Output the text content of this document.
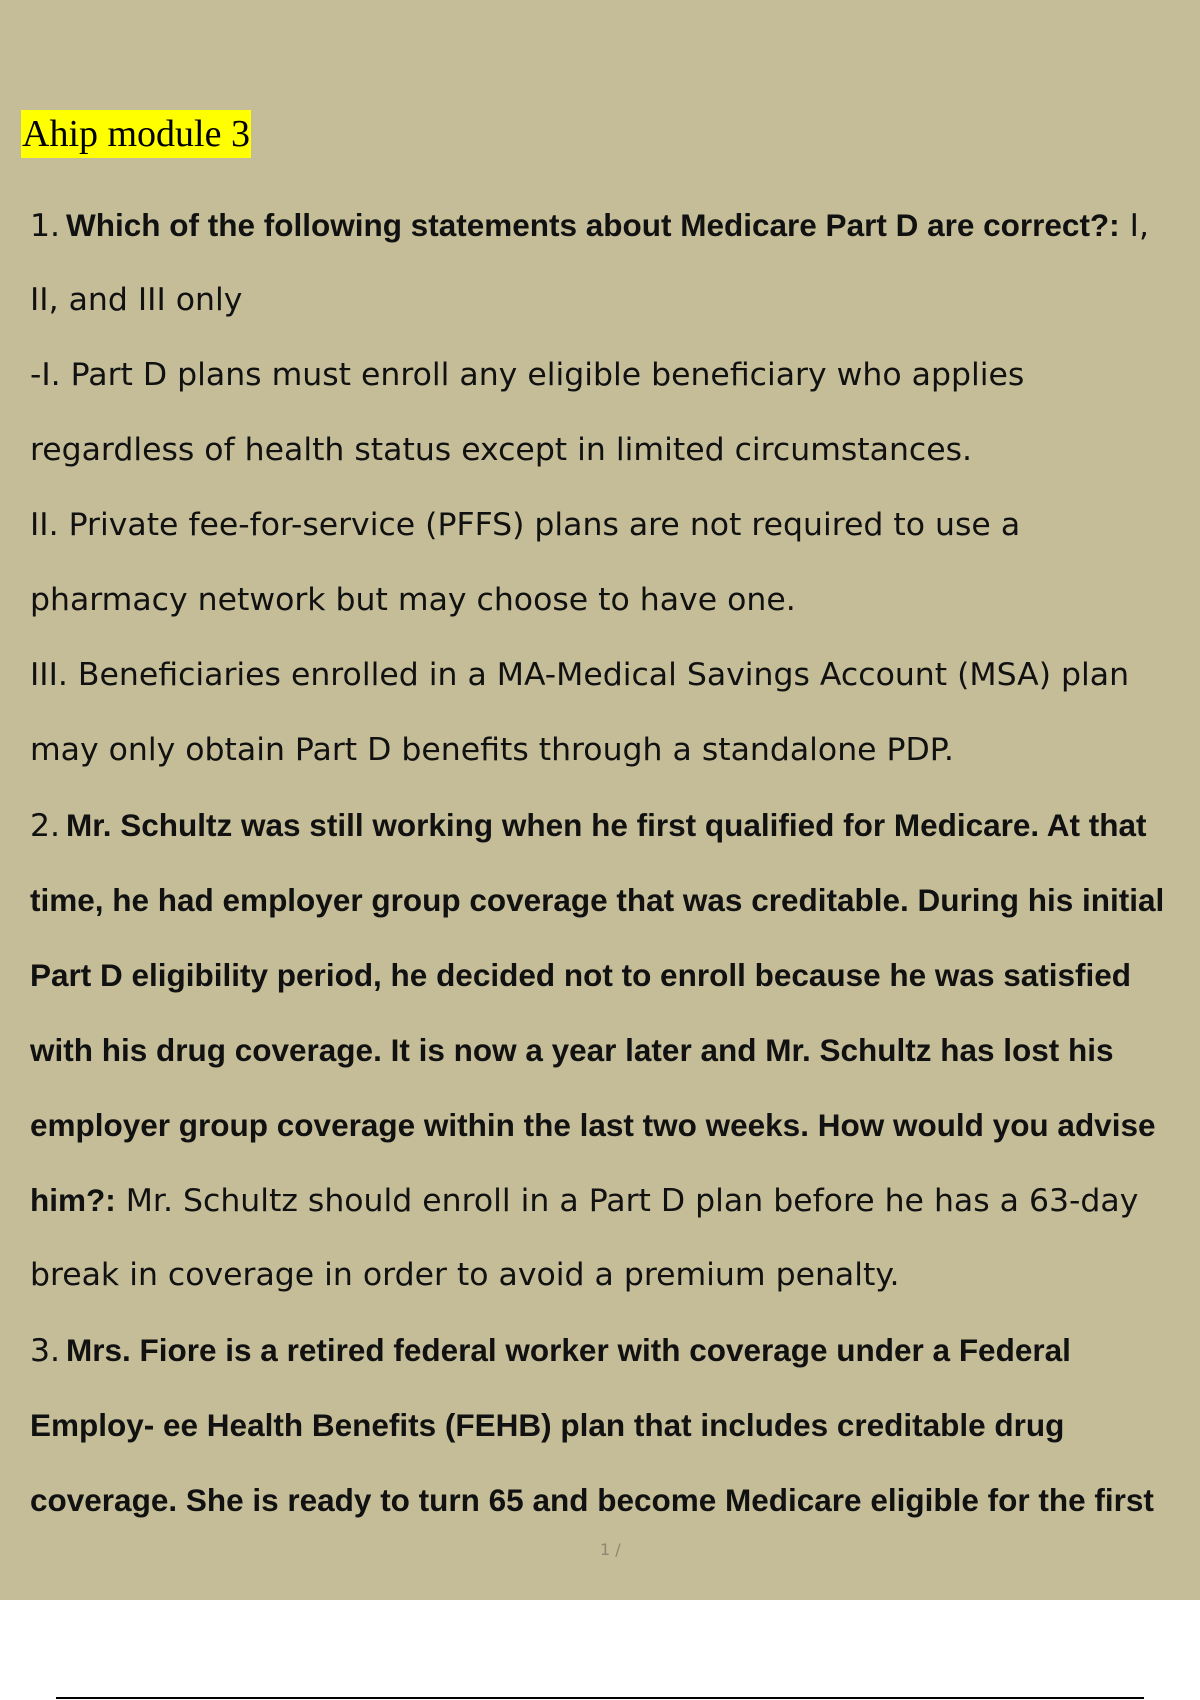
Ahip module 3
1. Which of the following statements about Medicare Part D are correct?: I,
II, and III only
-I. Part D plans must enroll any eligible beneficiary who applies
regardless of health status except in limited circumstances.
II. Private fee-for-service (PFFS) plans are not required to use a
pharmacy network but may choose to have one.
III. Beneficiaries enrolled in a MA-Medical Savings Account (MSA) plan
may only obtain Part D benefits through a standalone PDP.
2. Mr. Schultz was still working when he first qualified for Medicare. At that
time, he had employer group coverage that was creditable. During his initial
Part D eligibility period, he decided not to enroll because he was satisfied
with his drug coverage. It is now a year later and Mr. Schultz has lost his
employer group coverage within the last two weeks. How would you advise
him?: Mr. Schultz should enroll in a Part D plan before he has a 63-day
break in coverage in order to avoid a premium penalty.
3. Mrs. Fiore is a retired federal worker with coverage under a Federal
Employ- ee Health Benefits (FEHB) plan that includes creditable drug
coverage. She is ready to turn 65 and become Medicare eligible for the first
1 /
